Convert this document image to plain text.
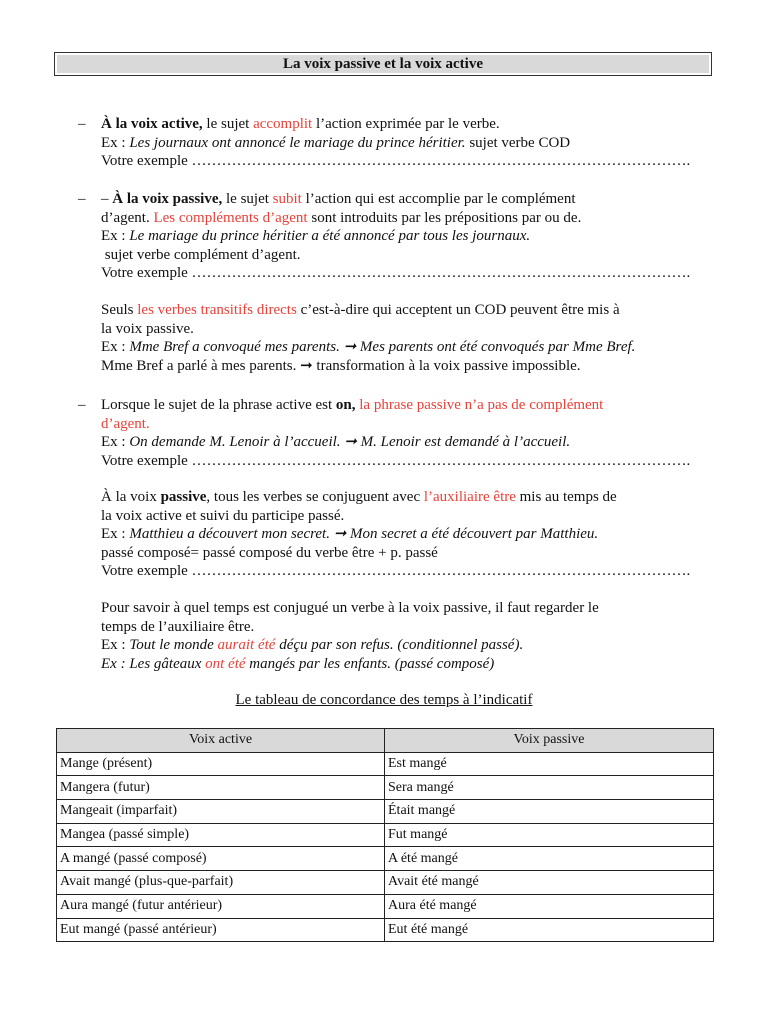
La voix passive et la voix active
– À la voix active, le sujet accomplit l’action exprimée par le verbe.

Ex : Les journaux ont annoncé le mariage du prince héritier. sujet verbe COD

Votre exemple ……………………………………………………………………………………….

– – À la voix passive, le sujet subit l’action qui est accomplie par le complément

d’agent. Les compléments d’agent sont introduits par les prépositions par ou de.

Ex : Le mariage du prince héritier a été annoncé par tous les journaux.

sujet verbe complément d’agent.

Votre exemple ……………………………………………………………………………………….

Seuls les verbes transitifs directs c’est-à-dire qui acceptent un COD peuvent être mis à

la voix passive.

Ex : Mme Bref a convoqué mes parents. ➞ Mes parents ont été convoqués par Mme Bref.

Mme Bref a parlé à mes parents. ➞ transformation à la voix passive impossible.

– Lorsque le sujet de la phrase active est on, la phrase passive n’a pas de complément

d’agent.

Ex : On demande M. Lenoir à l’accueil. ➞ M. Lenoir est demandé à l’accueil.

Votre exemple ……………………………………………………………………………………….

À la voix passive, tous les verbes se conjuguent avec l’auxiliaire être mis au temps de

la voix active et suivi du participe passé.

Ex : Matthieu a découvert mon secret. ➞ Mon secret a été découvert par Matthieu.

passé composé= passé composé du verbe être + p. passé

Votre exemple ……………………………………………………………………………………….

Pour savoir à quel temps est conjugué un verbe à la voix passive, il faut regarder le

temps de l’auxiliaire être.

Ex : Tout le monde aurait été déçu par son refus. (conditionnel passé).

Ex : Les gâteaux ont été mangés par les enfants. (passé composé)

Le tableau de concordance des temps à l’indicatif
Voix active	Voix passive
Mange (présent)	Est mangé
Mangera (futur)	Sera mangé
Mangeait (imparfait)	Était mangé
Mangea (passé simple)	Fut mangé
A mangé (passé composé)	A été mangé
Avait mangé (plus-que-parfait)	Avait été mangé
Aura mangé (futur antérieur)	Aura été mangé
Eut mangé (passé antérieur)	Eut été mangé
